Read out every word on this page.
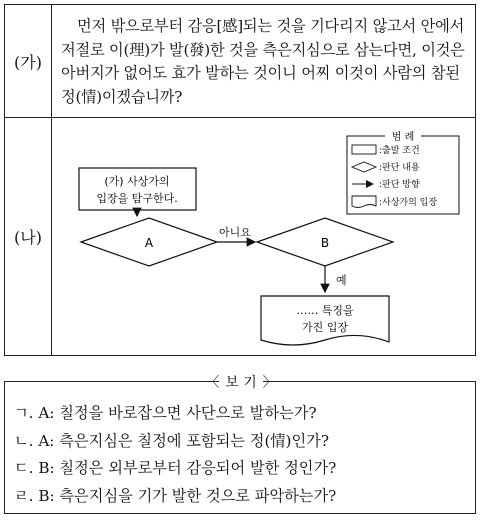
(가)
(나)

먼저 밖으로부터 감응[感]되는 것을 기다리지 않고서 안에서 저절로 이(理)가 발(發)한 것을 측은지심으로 삼는다면, 이것은 아버지가 없어도 효가 발하는 것이니 어찌 이것이 사람의 참된 정(情)이겠습니까?

(가) 사상가의
입장을 탐구한다.
A
아니요
B
예
…… 특징을
가진 입장
범 례
:출발 조건
:판단 내용
:판단 방향
:사상가의 입장
〈 보 기 〉
ㄱ. A: 칠정을 바로잡으면 사단으로 발하는가?
ㄴ. A: 측은지심은 칠정에 포함되는 정(情)인가?
ㄷ. B: 칠정은 외부로부터 감응되어 발한 정인가?
ㄹ. B: 측은지심을 기가 발한 것으로 파악하는가?
